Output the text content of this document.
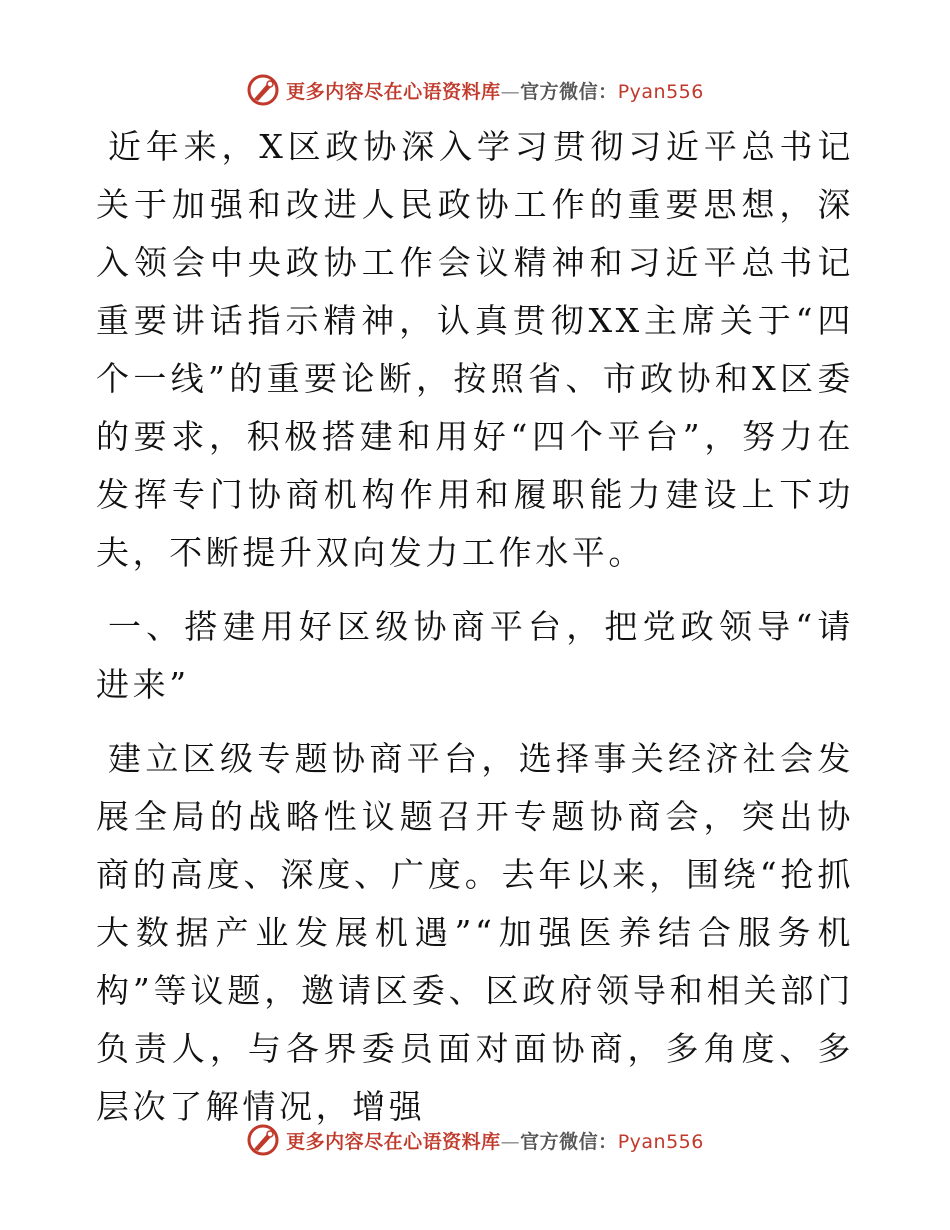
更多内容尽在心语资料库—官方微信：Pyan556

近年来，X区政协深入学习贯彻习近平总书记关于加强和改进人民政协工作的重要思想，深入领会中央政协工作会议精神和习近平总书记重要讲话指示精神，认真贯彻XX主席关于“四个一线”的重要论断，按照省、市政协和X区委的要求，积极搭建和用好“四个平台”，努力在发挥专门协商机构作用和履职能力建设上下功夫，不断提升双向发力工作水平。

一、搭建用好区级协商平台，把党政领导“请进来”

建立区级专题协商平台，选择事关经济社会发展全局的战略性议题召开专题协商会，突出协商的高度、深度、广度。去年以来，围绕“抢抓大数据产业发展机遇”“加强医养结合服务机构”等议题，邀请区委、区政府领导和相关部门负责人，与各界委员面对面协商，多角度、多层次了解情况，增强

更多内容尽在心语资料库—官方微信：Pyan556
